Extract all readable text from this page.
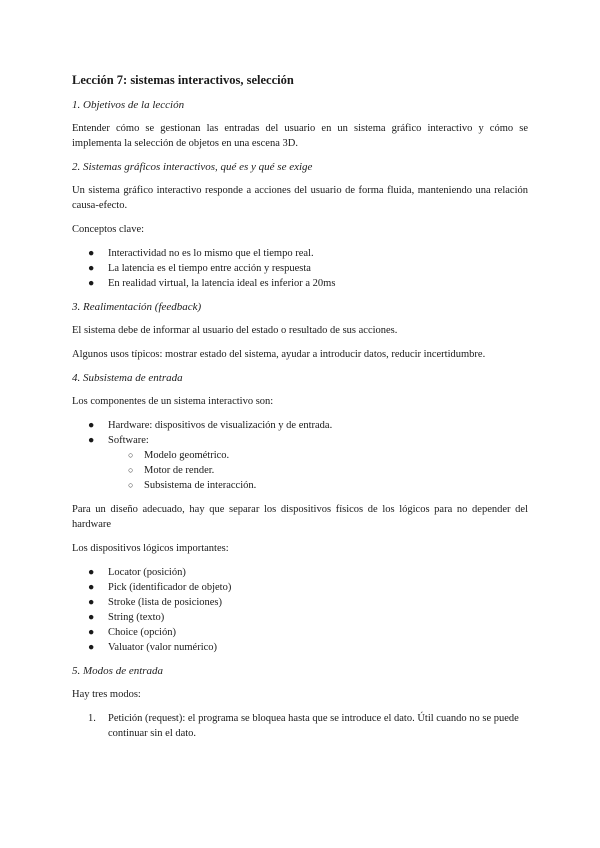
Lección 7: sistemas interactivos, selección
1. Objetivos de la lección
Entender cómo se gestionan las entradas del usuario en un sistema gráfico interactivo y cómo se implementa la selección de objetos en una escena 3D.
2. Sistemas gráficos interactivos, qué es y qué se exige
Un sistema gráfico interactivo responde a acciones del usuario de forma fluida, manteniendo una relación causa-efecto.
Conceptos clave:
● Interactividad no es lo mismo que el tiempo real.
● La latencia es el tiempo entre acción y respuesta
● En realidad virtual, la latencia ideal es inferior a 20ms
3. Realimentación (feedback)
El sistema debe de informar al usuario del estado o resultado de sus acciones.
Algunos usos típicos: mostrar estado del sistema, ayudar a introducir datos, reducir incertidumbre.
4. Subsistema de entrada
Los componentes de un sistema interactivo son:
● Hardware: dispositivos de visualización y de entrada.
● Software:
○ Modelo geométrico.
○ Motor de render.
○ Subsistema de interacción.
Para un diseño adecuado, hay que separar los dispositivos físicos de los lógicos para no depender del hardware
Los dispositivos lógicos importantes:
● Locator (posición)
● Pick (identificador de objeto)
● Stroke (lista de posiciones)
● String (texto)
● Choice (opción)
● Valuator (valor numérico)
5. Modos de entrada
Hay tres modos:
1. Petición (request): el programa se bloquea hasta que se introduce el dato. Útil cuando no se puede continuar sin el dato.
